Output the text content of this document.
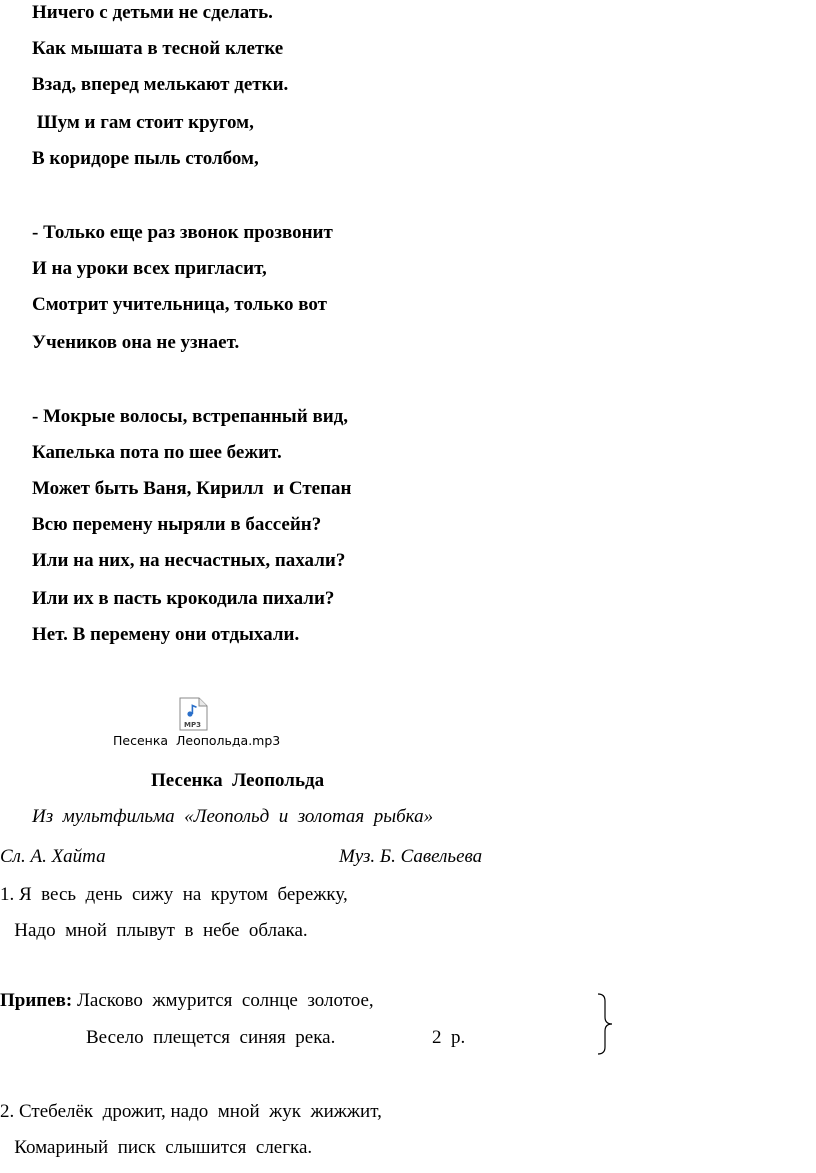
Ничего с детьми не сделать.
Как мышата в тесной клетке
Взад, вперед мелькают детки.
Шум и гам стоит кругом,
В коридоре пыль столбом,
- Только еще раз звонок прозвонит
И на уроки всех пригласит,
Смотрит учительница, только вот
Учеников она не узнает.
- Мокрые волосы, встрепанный вид,
Капелька пота по шее бежит.
Может быть Ваня, Кирилл  и Степан
Всю перемену ныряли в бассейн?
Или на них, на несчастных, пахали?
Или их в пасть крокодила пихали?
Нет. В перемену они отдыхали.
MP3
Песенка  Леопольда.mp3
Песенка  Леопольда
Из  мультфильма  «Леопольд  и  золотая  рыбка»
Сл. А. Хайта	Муз. Б. Савельева
1. Я  весь  день  сижу  на  крутом  бережку,
Надо  мной  плывут  в  небе  облака.
Припев: Ласково  жмурится  солнце  золотое,
Весело  плещется  синяя  река.	2  р.
2. Стебелёк  дрожит, надо  мной  жук  жижжит,
Комариный  писк  слышится  слегка.
